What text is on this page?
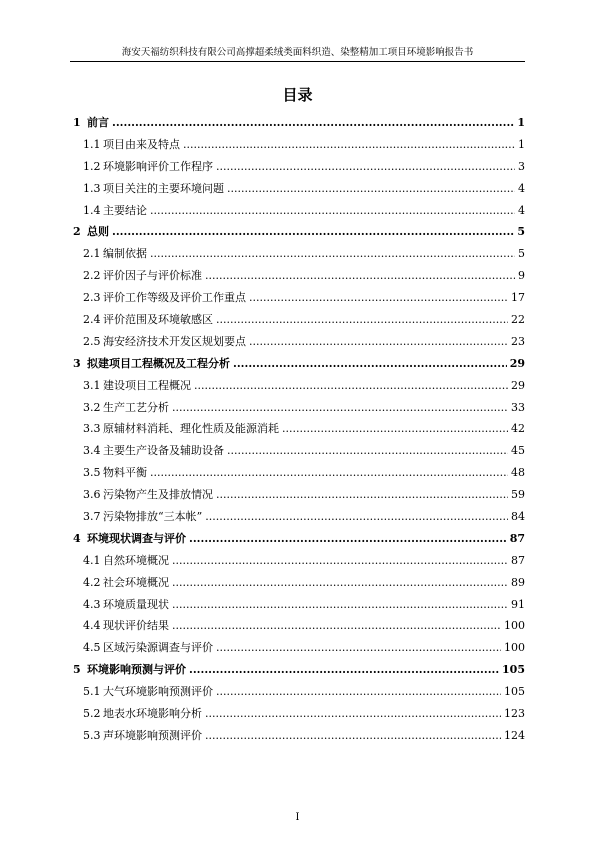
海安天福纺织科技有限公司高撑超柔绒类面料织造、染整精加工项目环境影响报告书
目录
1 前言 .....	1
1.1 项目由来及特点 .....	1
1.2 环境影响评价工作程序 .....	3
1.3 项目关注的主要环境问题 .....	4
1.4 主要结论 .....	4
2 总则 .....	5
2.1 编制依据 .....	5
2.2 评价因子与评价标准 .....	9
2.3 评价工作等级及评价工作重点 .....	17
2.4 评价范围及环境敏感区 .....	22
2.5 海安经济技术开发区规划要点 .....	23
3 拟建项目工程概况及工程分析 .....	29
3.1 建设项目工程概况 .....	29
3.2 生产工艺分析 .....	33
3.3 原辅材料消耗、理化性质及能源消耗 .....	42
3.4 主要生产设备及辅助设备 .....	45
3.5 物料平衡 .....	48
3.6 污染物产生及排放情况 .....	59
3.7 污染物排放“三本帐” .....	84
4 环境现状调查与评价 .....	87
4.1 自然环境概况 .....	87
4.2 社会环境概况 .....	89
4.3 环境质量现状 .....	91
4.4 现状评价结果 .....	100
4.5 区域污染源调查与评价 .....	100
5 环境影响预测与评价 .....	105
5.1 大气环境影响预测评价 .....	105
5.2 地表水环境影响分析 .....	123
5.3 声环境影响预测评价 .....	124
I
